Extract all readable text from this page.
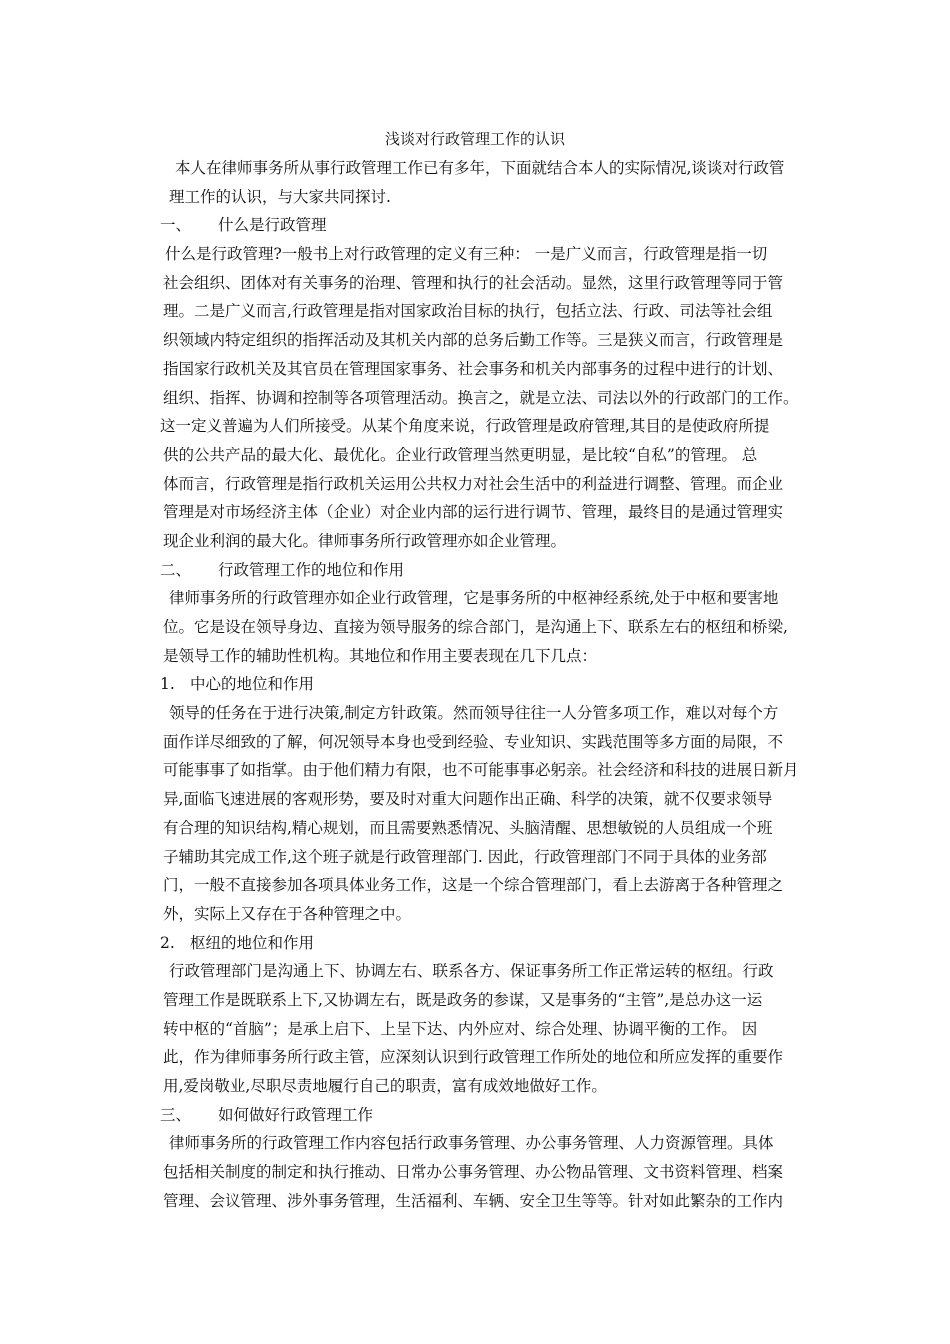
浅谈对行政管理工作的认识
本人在律师事务所从事行政管理工作已有多年，下面就结合本人的实际情况,谈谈对行政管
理工作的认识，与大家共同探讨.
一、 什么是行政管理
什么是行政管理?一般书上对行政管理的定义有三种： 一是广义而言，行政管理是指一切
社会组织、团体对有关事务的治理、管理和执行的社会活动。显然，这里行政管理等同于管
理。二是广义而言,行政管理是指对国家政治目标的执行，包括立法、行政、司法等社会组
织领域内特定组织的指挥活动及其机关内部的总务后勤工作等。三是狭义而言，行政管理是
指国家行政机关及其官员在管理国家事务、社会事务和机关内部事务的过程中进行的计划、
组织、指挥、协调和控制等各项管理活动。换言之，就是立法、司法以外的行政部门的工作。
这一定义普遍为人们所接受。从某个角度来说，行政管理是政府管理,其目的是使政府所提
供的公共产品的最大化、最优化。企业行政管理当然更明显，是比较“自私”的管理。 总
体而言，行政管理是指行政机关运用公共权力对社会生活中的利益进行调整、管理。而企业
管理是对市场经济主体（企业）对企业内部的运行进行调节、管理，最终目的是通过管理实
现企业利润的最大化。律师事务所行政管理亦如企业管理。
二、 行政管理工作的地位和作用
律师事务所的行政管理亦如企业行政管理，它是事务所的中枢神经系统,处于中枢和要害地
位。它是设在领导身边、直接为领导服务的综合部门，是沟通上下、联系左右的枢纽和桥梁,
是领导工作的辅助性机构。其地位和作用主要表现在几下几点：
1. 中心的地位和作用
领导的任务在于进行决策,制定方针政策。然而领导往往一人分管多项工作，难以对每个方
面作详尽细致的了解，何况领导本身也受到经验、专业知识、实践范围等多方面的局限，不
可能事事了如指掌。由于他们精力有限，也不可能事事必躬亲。社会经济和科技的进展日新月
异,面临飞速进展的客观形势，要及时对重大问题作出正确、科学的决策，就不仅要求领导
有合理的知识结构,精心规划，而且需要熟悉情况、头脑清醒、思想敏锐的人员组成一个班
子辅助其完成工作,这个班子就是行政管理部门. 因此，行政管理部门不同于具体的业务部
门，一般不直接参加各项具体业务工作，这是一个综合管理部门，看上去游离于各种管理之
外，实际上又存在于各种管理之中。
2. 枢纽的地位和作用
行政管理部门是沟通上下、协调左右、联系各方、保证事务所工作正常运转的枢纽。行政
管理工作是既联系上下,又协调左右，既是政务的参谋，又是事务的“主管”,是总办这一运
转中枢的“首脑”；是承上启下、上呈下达、内外应对、综合处理、协调平衡的工作。 因
此，作为律师事务所行政主管，应深刻认识到行政管理工作所处的地位和所应发挥的重要作
用,爱岗敬业,尽职尽责地履行自己的职责，富有成效地做好工作。
三、 如何做好行政管理工作
律师事务所的行政管理工作内容包括行政事务管理、办公事务管理、人力资源管理。具体
包括相关制度的制定和执行推动、日常办公事务管理、办公物品管理、文书资料管理、档案
管理、会议管理、涉外事务管理，生活福利、车辆、安全卫生等等。针对如此繁杂的工作内
